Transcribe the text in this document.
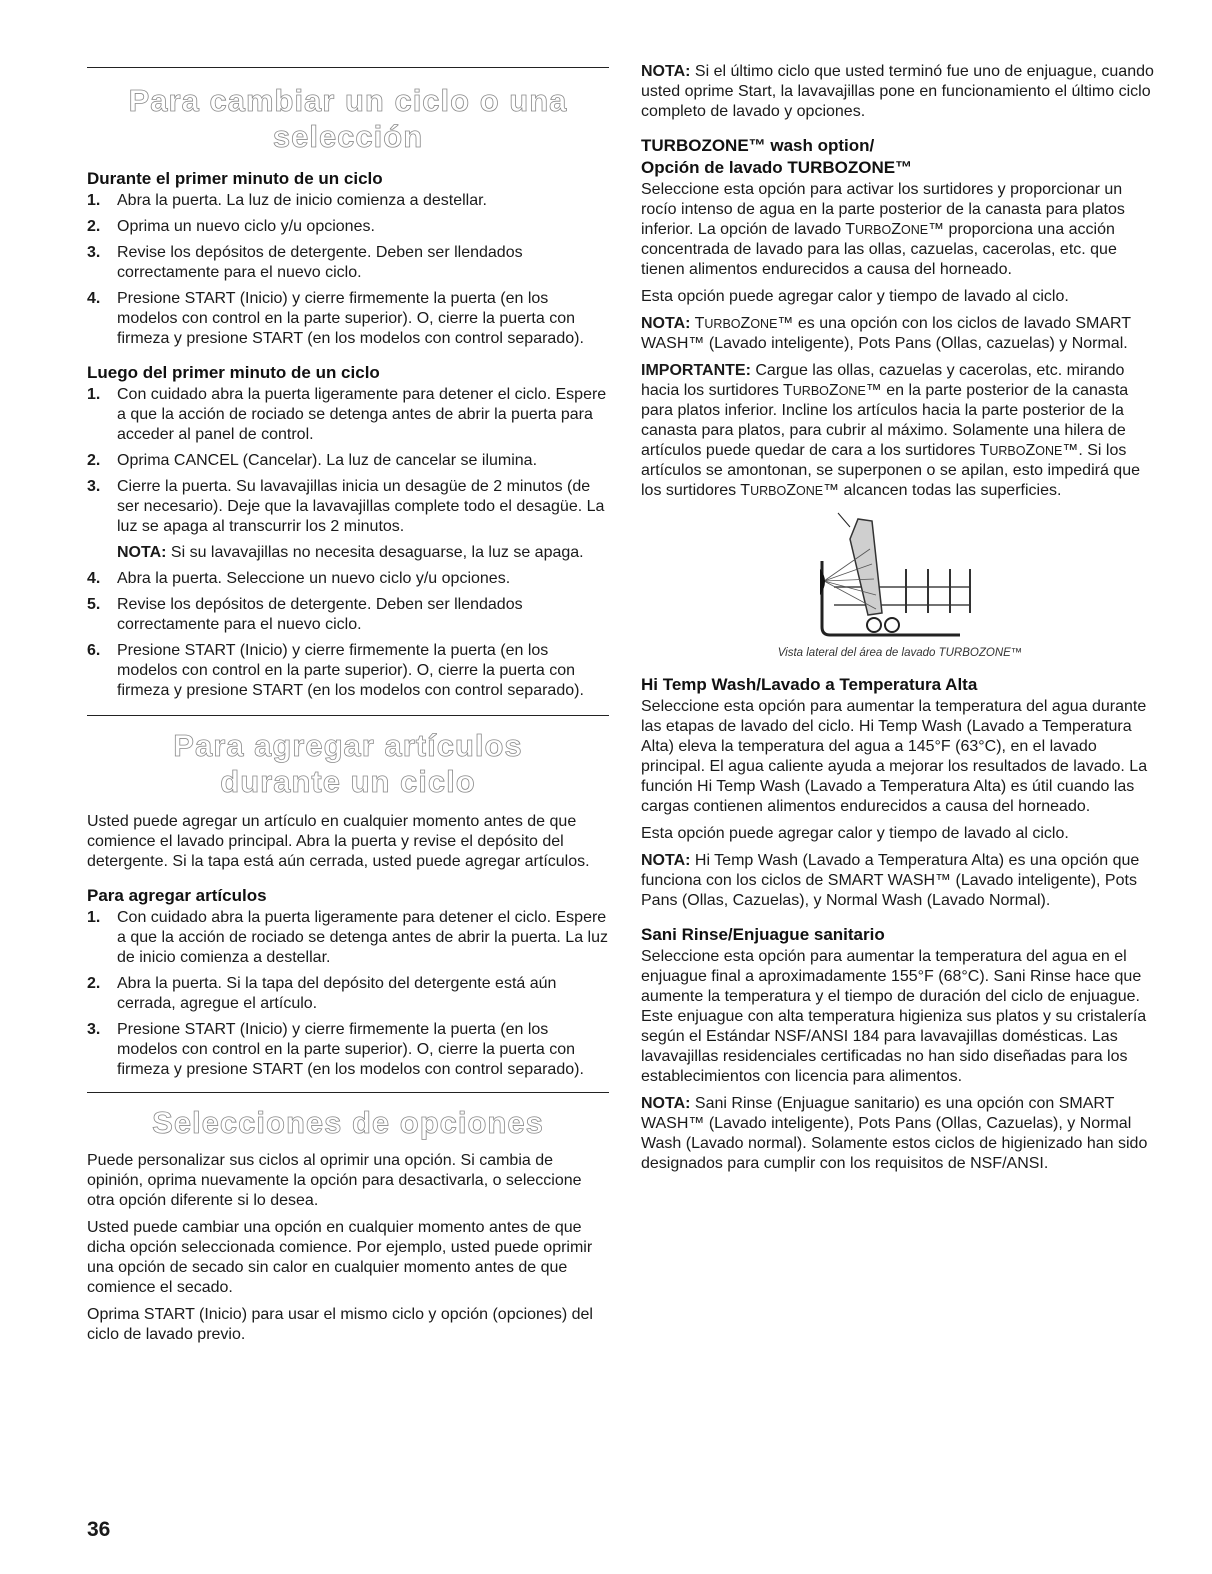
Para cambiar un ciclo o una selección
Durante el primer minuto de un ciclo
1. Abra la puerta. La luz de inicio comienza a destellar.
2. Oprima un nuevo ciclo y/u opciones.
3. Revise los depósitos de detergente. Deben ser llendados correctamente para el nuevo ciclo.
4. Presione START (Inicio) y cierre firmemente la puerta (en los modelos con control en la parte superior). O, cierre la puerta con firmeza y presione START (en los modelos con control separado).
Luego del primer minuto de un ciclo
1. Con cuidado abra la puerta ligeramente para detener el ciclo. Espere a que la acción de rociado se detenga antes de abrir la puerta para acceder al panel de control.
2. Oprima CANCEL (Cancelar). La luz de cancelar se ilumina.
3. Cierre la puerta. Su lavavajillas inicia un desagüe de 2 minutos (de ser necesario). Deje que la lavavajillas complete todo el desagüe. La luz se apaga al transcurrir los 2 minutos.
NOTA: Si su lavavajillas no necesita desaguarse, la luz se apaga.
4. Abra la puerta. Seleccione un nuevo ciclo y/u opciones.
5. Revise los depósitos de detergente. Deben ser llendados correctamente para el nuevo ciclo.
6. Presione START (Inicio) y cierre firmemente la puerta (en los modelos con control en la parte superior). O, cierre la puerta con firmeza y presione START (en los modelos con control separado).
Para agregar artículos
durante un ciclo

Usted puede agregar un artículo en cualquier momento antes de que comience el lavado principal. Abra la puerta y revise el depósito del detergente. Si la tapa está aún cerrada, usted puede agregar artículos.

Para agregar artículos
1. Con cuidado abra la puerta ligeramente para detener el ciclo. Espere a que la acción de rociado se detenga antes de abrir la puerta. La luz de inicio comienza a destellar.
2. Abra la puerta. Si la tapa del depósito del detergente está aún cerrada, agregue el artículo.
3. Presione START (Inicio) y cierre firmemente la puerta (en los modelos con control en la parte superior). O, cierre la puerta con firmeza y presione START (en los modelos con control separado).
Selecciones de opciones

Puede personalizar sus ciclos al oprimir una opción. Si cambia de opinión, oprima nuevamente la opción para desactivarla, o seleccione otra opción diferente si lo desea.

Usted puede cambiar una opción en cualquier momento antes de que dicha opción seleccionada comience. Por ejemplo, usted puede oprimir una opción de secado sin calor en cualquier momento antes de que comience el secado.

Oprima START (Inicio) para usar el mismo ciclo y opción (opciones) del ciclo de lavado previo.

NOTA: Si el último ciclo que usted terminó fue uno de enjuague, cuando usted oprime Start, la lavavajillas pone en funcionamiento el último ciclo completo de lavado y opciones.

TURBOZONE™ wash option/
Opción de lavado TURBOZONE™

Seleccione esta opción para activar los surtidores y proporcionar un rocío intenso de agua en la parte posterior de la canasta para platos inferior. La opción de lavado TURBOZONE™ proporciona una acción concentrada de lavado para las ollas, cazuelas, cacerolas, etc. que tienen alimentos endurecidos a causa del horneado.

Esta opción puede agregar calor y tiempo de lavado al ciclo.

NOTA: TURBOZONE™ es una opción con los ciclos de lavado SMART WASH™ (Lavado inteligente), Pots Pans (Ollas, cazuelas) y Normal.

IMPORTANTE: Cargue las ollas, cazuelas y cacerolas, etc. mirando hacia los surtidores TURBOZONE™ en la parte posterior de la canasta para platos inferior. Incline los artículos hacia la parte posterior de la canasta para platos, para cubrir al máximo. Solamente una hilera de artículos puede quedar de cara a los surtidores TURBOZONE™. Si los artículos se amontonan, se superponen o se apilan, esto impedirá que los surtidores TURBOZONE™ alcancen todas las superficies.

Vista lateral del área de lavado TURBOZONE™
Hi Temp Wash/Lavado a Temperatura Alta

Seleccione esta opción para aumentar la temperatura del agua durante las etapas de lavado del ciclo. Hi Temp Wash (Lavado a Temperatura Alta) eleva la temperatura del agua a 145°F (63°C), en el lavado principal. El agua caliente ayuda a mejorar los resultados de lavado. La función Hi Temp Wash (Lavado a Temperatura Alta) es útil cuando las cargas contienen alimentos endurecidos a causa del horneado.

Esta opción puede agregar calor y tiempo de lavado al ciclo.

NOTA: Hi Temp Wash (Lavado a Temperatura Alta) es una opción que funciona con los ciclos de SMART WASH™ (Lavado inteligente), Pots Pans (Ollas, Cazuelas), y Normal Wash (Lavado Normal).

Sani Rinse/Enjuague sanitario

Seleccione esta opción para aumentar la temperatura del agua en el enjuague final a aproximadamente 155°F (68°C). Sani Rinse hace que aumente la temperatura y el tiempo de duración del ciclo de enjuague. Este enjuague con alta temperatura higieniza sus platos y su cristalería según el Estándar NSF/ANSI 184 para lavavajillas domésticas. Las lavavajillas residenciales certificadas no han sido diseñadas para los establecimientos con licencia para alimentos.

NOTA: Sani Rinse (Enjuague sanitario) es una opción con SMART WASH™ (Lavado inteligente), Pots Pans (Ollas, Cazuelas), y Normal Wash (Lavado normal). Solamente estos ciclos de higienizado han sido designados para cumplir con los requisitos de NSF/ANSI.

36
